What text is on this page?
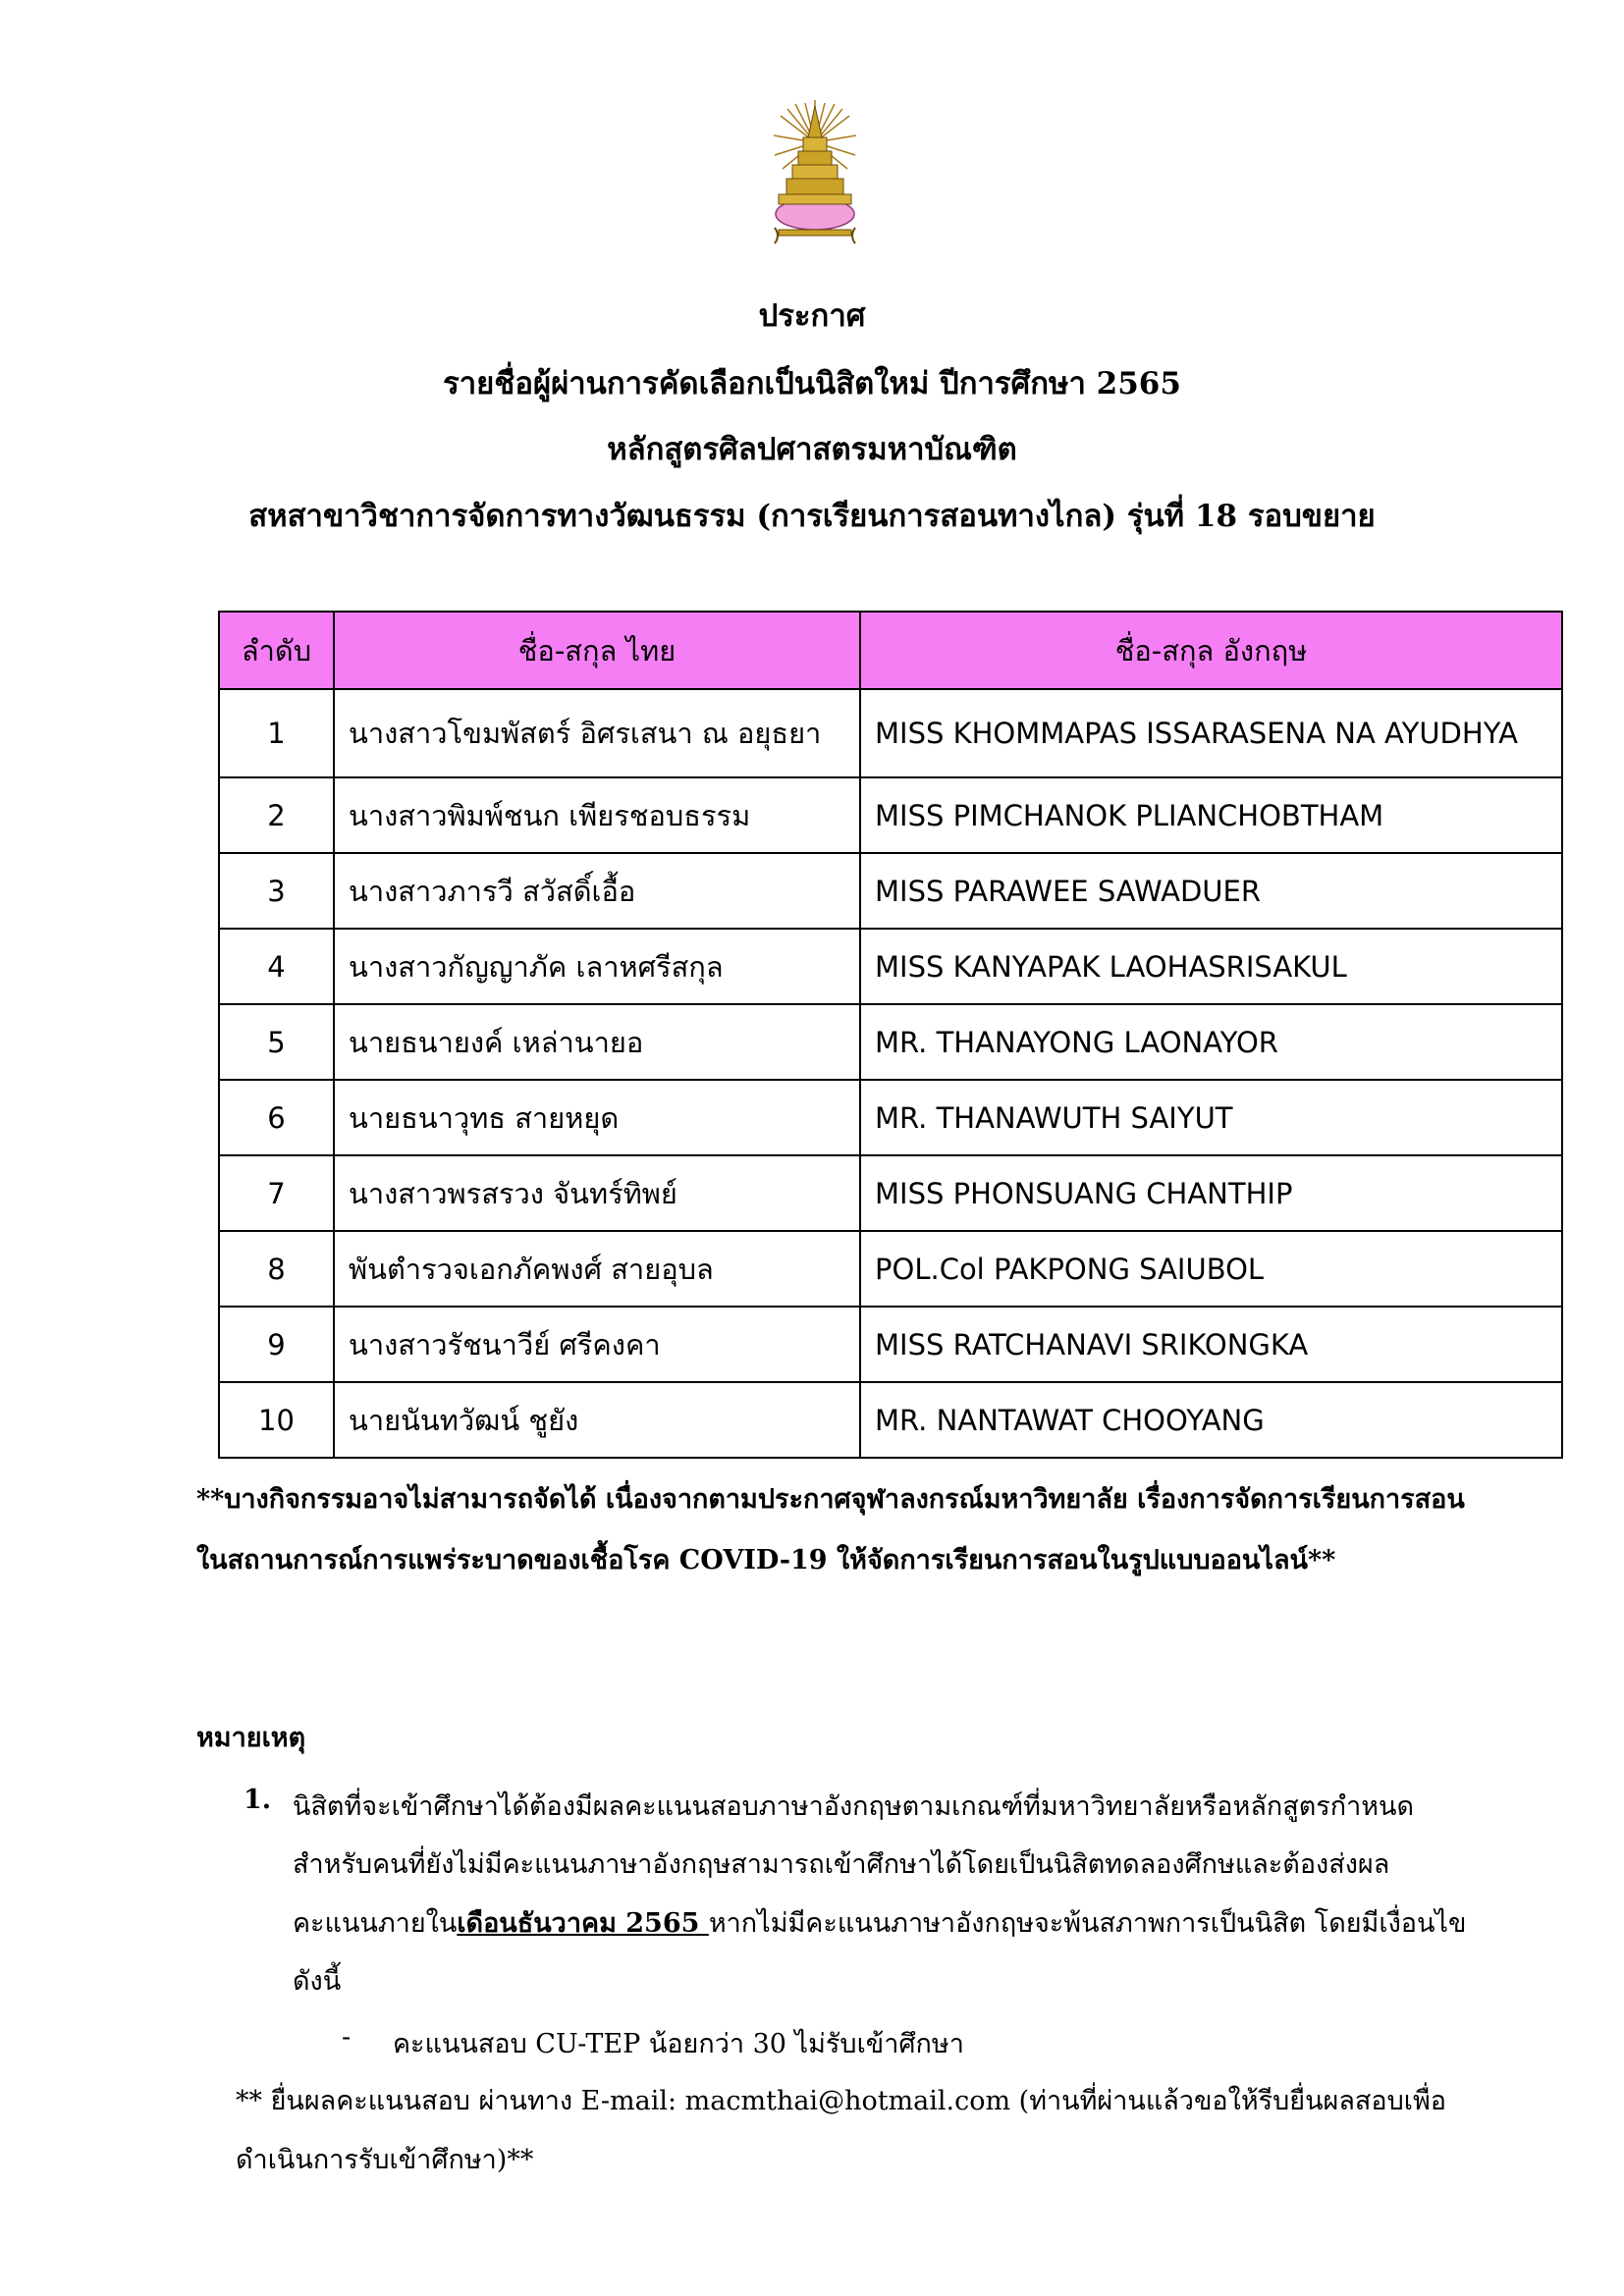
ประกาศ
รายชื่อผู้ผ่านการคัดเลือกเป็นนิสิตใหม่ ปีการศึกษา 2565
หลักสูตรศิลปศาสตรมหาบัณฑิต
สหสาขาวิชาการจัดการทางวัฒนธรรม (การเรียนการสอนทางไกล) รุ่นที่ 18 รอบขยาย
ลำดับ	ชื่อ-สกุล ไทย	ชื่อ-สกุล อังกฤษ
1	นางสาวโขมพัสตร์ อิศรเสนา ณ อยุธยา	MISS KHOMMAPAS ISSARASENA NA AYUDHYA
2	นางสาวพิมพ์ชนก เพียรชอบธรรม	MISS PIMCHANOK PLIANCHOBTHAM
3	นางสาวภารวี สวัสดิ์เอื้อ	MISS PARAWEE SAWADUER
4	นางสาวกัญญาภัค เลาหศรีสกุล	MISS KANYAPAK LAOHASRISAKUL
5	นายธนายงค์ เหล่านายอ	MR. THANAYONG LAONAYOR
6	นายธนาวุทธ สายหยุด	MR. THANAWUTH SAIYUT
7	นางสาวพรสรวง จันทร์ทิพย์	MISS PHONSUANG CHANTHIP
8	พันตำรวจเอกภัคพงศ์ สายอุบล	POL.Col PAKPONG SAIUBOL
9	นางสาวรัชนาวีย์ ศรีคงคา	MISS RATCHANAVI SRIKONGKA
10	นายนันทวัฒน์ ชูยัง	MR. NANTAWAT CHOOYANG
**บางกิจกรรมอาจไม่สามารถจัดได้ เนื่องจากตามประกาศจุฬาลงกรณ์มหาวิทยาลัย เรื่องการจัดการเรียนการสอน
ในสถานการณ์การแพร่ระบาดของเชื้อโรค COVID-19 ให้จัดการเรียนการสอนในรูปแบบออนไลน์**
หมายเหตุ
1. นิสิตที่จะเข้าศึกษาได้ต้องมีผลคะแนนสอบภาษาอังกฤษตามเกณฑ์ที่มหาวิทยาลัยหรือหลักสูตรกำหนด
สำหรับคนที่ยังไม่มีคะแนนภาษาอังกฤษสามารถเข้าศึกษาได้โดยเป็นนิสิตทดลองศึกษและต้องส่งผล
คะแนนภายในเดือนธันวาคม 2565 หากไม่มีคะแนนภาษาอังกฤษจะพ้นสภาพการเป็นนิสิต โดยมีเงื่อนไข
ดังนี้
- คะแนนสอบ CU-TEP น้อยกว่า 30 ไม่รับเข้าศึกษา
** ยื่นผลคะแนนสอบ ผ่านทาง E-mail: macmthai@hotmail.com (ท่านที่ผ่านแล้วขอให้รีบยื่นผลสอบเพื่อ
ดำเนินการรับเข้าศึกษา)**
